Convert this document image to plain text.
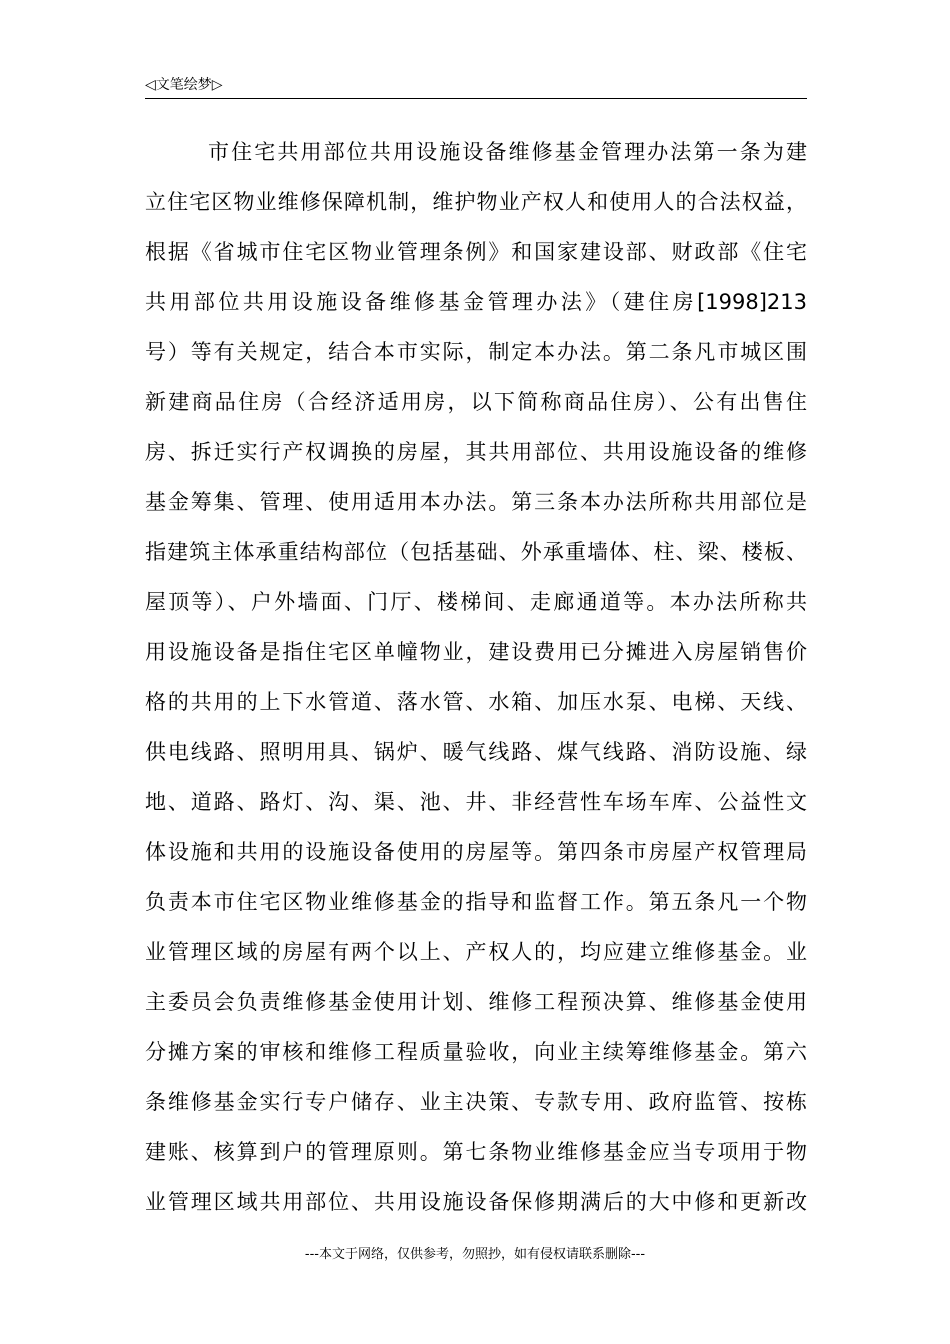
◁文笔绘梦▷
市住宅共用部位共用设施设备维修基金管理办法第一条为建
立住宅区物业维修保障机制，维护物业产权人和使用人的合法权益，
根据《省城市住宅区物业管理条例》和国家建设部、财政部《住宅
共用部位共用设施设备维修基金管理办法》（建住房[1998]213
号）等有关规定，结合本市实际，制定本办法。第二条凡市城区围
新建商品住房（合经济适用房，以下简称商品住房）、公有出售住
房、拆迁实行产权调换的房屋，其共用部位、共用设施设备的维修
基金筹集、管理、使用适用本办法。第三条本办法所称共用部位是
指建筑主体承重结构部位（包括基础、外承重墙体、柱、梁、楼板、
屋顶等）、户外墙面、门厅、楼梯间、走廊通道等。本办法所称共
用设施设备是指住宅区单幢物业，建设费用已分摊进入房屋销售价
格的共用的上下水管道、落水管、水箱、加压水泵、电梯、天线、
供电线路、照明用具、锅炉、暖气线路、煤气线路、消防设施、绿
地、道路、路灯、沟、渠、池、井、非经营性车场车库、公益性文
体设施和共用的设施设备使用的房屋等。第四条市房屋产权管理局
负责本市住宅区物业维修基金的指导和监督工作。第五条凡一个物
业管理区域的房屋有两个以上、产权人的，均应建立维修基金。业
主委员会负责维修基金使用计划、维修工程预决算、维修基金使用
分摊方案的审核和维修工程质量验收，向业主续筹维修基金。第六
条维修基金实行专户储存、业主决策、专款专用、政府监管、按栋
建账、核算到户的管理原则。第七条物业维修基金应当专项用于物
业管理区域共用部位、共用设施设备保修期满后的大中修和更新改
---本文于网络，仅供参考，勿照抄，如有侵权请联系删除---
